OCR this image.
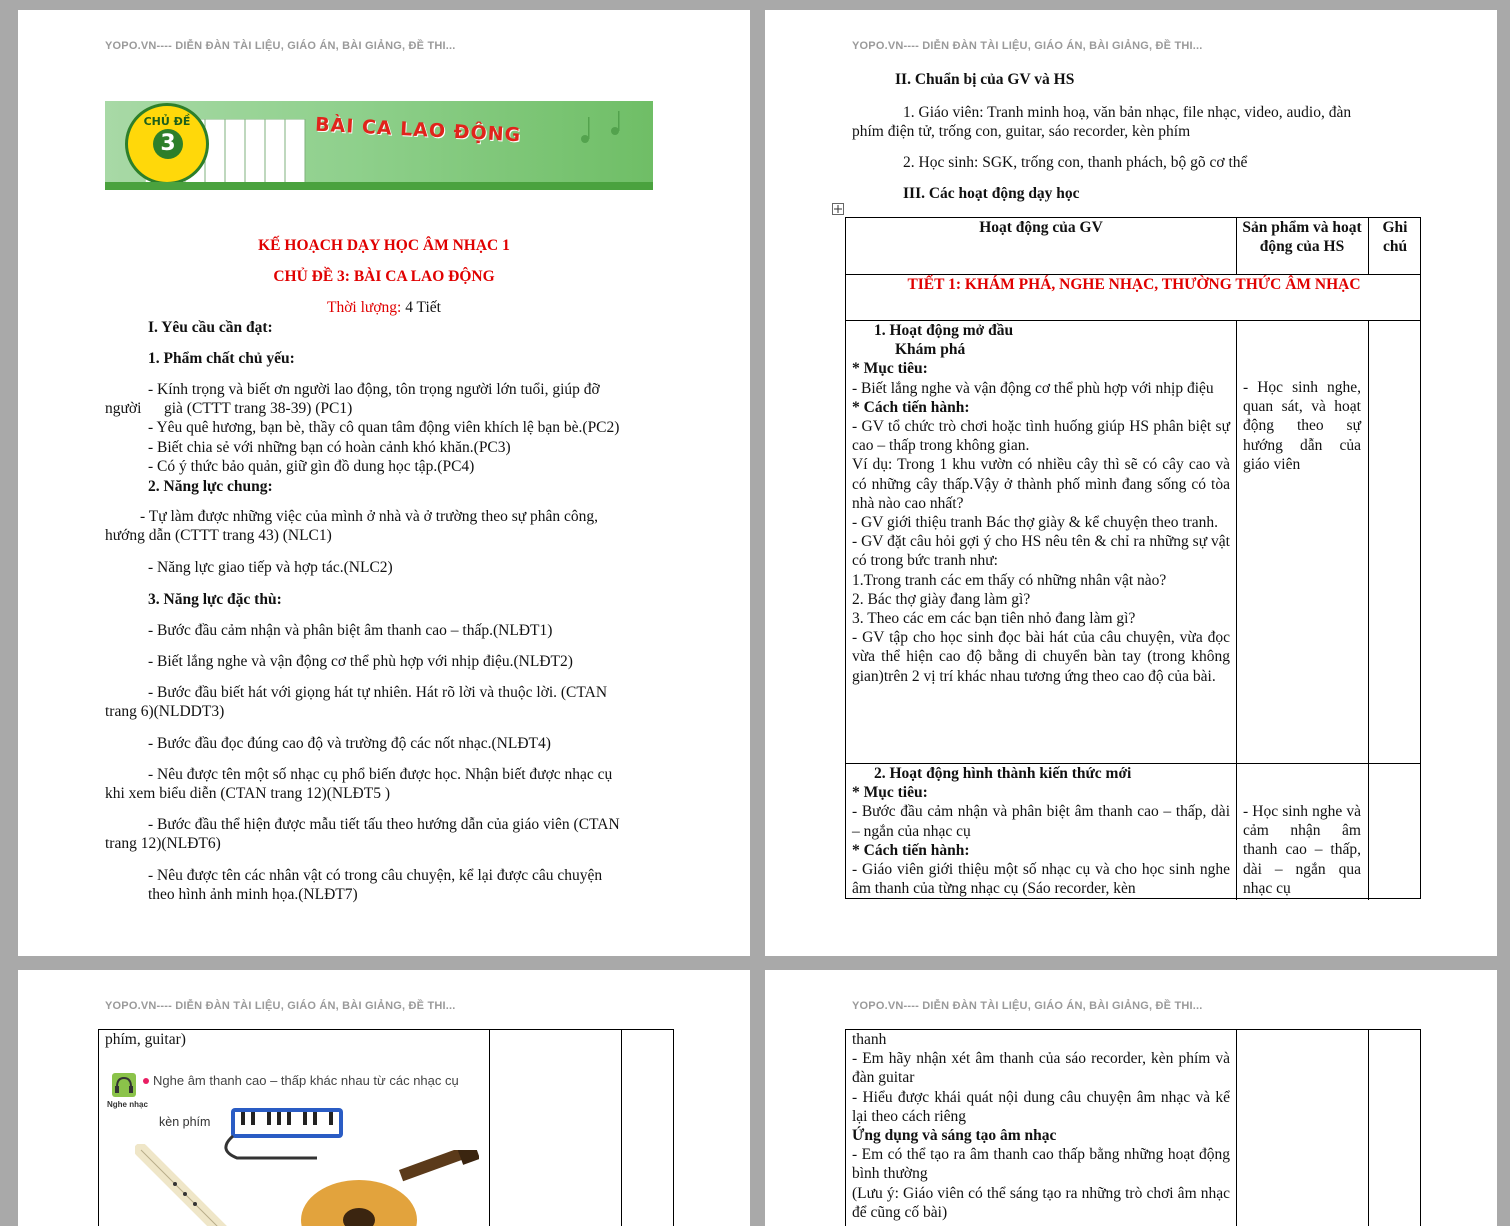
YOPO.VN---- DIỄN ĐÀN TÀI LIỆU, GIÁO ÁN, BÀI GIẢNG, ĐỀ THI...
CHỦ ĐỀ
3	BÀI CA LAO ĐỘNG
KẾ HOẠCH DẠY HỌC ÂM NHẠC 1
CHỦ ĐỀ 3: BÀI CA LAO ĐỘNG
Thời lượng: 4 Tiết
I. Yêu cầu cần đạt:
1. Phẩm chất chủ yếu:
- Kính trọng và biết ơn người lao động, tôn trọng người lớn tuổi, giúp đỡ
người già (CTTT trang 38-39) (PC1)
- Yêu quê hương, bạn bè, thầy cô quan tâm động viên khích lệ bạn bè.(PC2)
- Biết chia sẻ với những bạn có hoàn cảnh khó khăn.(PC3)
- Có ý thức bảo quản, giữ gìn đồ dung học tập.(PC4)
2. Năng lực chung:
- Tự làm được những việc của mình ở nhà và ở trường theo sự phân công,
hướng dẫn (CTTT trang 43) (NLC1)
- Năng lực giao tiếp và hợp tác.(NLC2)
3. Năng lực đặc thù:
- Bước đầu cảm nhận và phân biệt âm thanh cao – thấp.(NLĐT1)
- Biết lắng nghe và vận động cơ thể phù hợp với nhịp điệu.(NLĐT2)
- Bước đầu biết hát với giọng hát tự nhiên. Hát rõ lời và thuộc lời. (CTAN
trang 6)(NLDDT3)
- Bước đầu đọc đúng cao độ và trường độ các nốt nhạc.(NLĐT4)
- Nêu được tên một số nhạc cụ phổ biến được học. Nhận biết được nhạc cụ
khi xem biểu diễn (CTAN trang 12)(NLĐT5 )
- Bước đầu thể hiện được mẫu tiết tấu theo hướng dẫn của giáo viên (CTAN
trang 12)(NLĐT6)
- Nêu được tên các nhân vật có trong câu chuyện, kể lại được câu chuyện
theo hình ảnh minh họa.(NLĐT7)
YOPO.VN---- DIỄN ĐÀN TÀI LIỆU, GIÁO ÁN, BÀI GIẢNG, ĐỀ THI...
II. Chuẩn bị của GV và HS
1. Giáo viên: Tranh minh hoạ, văn bản nhạc, file nhạc, video, audio, đàn
phím điện tử, trống con, guitar, sáo recorder, kèn phím
2. Học sinh: SGK, trống con, thanh phách, bộ gõ cơ thể
III. Các hoạt động dạy học
Hoạt động của GV	Sản phẩm và hoạt động của HS
Ghi chú
TIẾT 1: KHÁM PHÁ, NGHE NHẠC, THƯỜNG THỨC ÂM NHẠC

1. Hoạt động mở đầu

Khám phá

* Mục tiêu:

- Biết lắng nghe và vận động cơ thể phù hợp với nhịp điệu

* Cách tiến hành:

- GV tổ chức trò chơi hoặc tình huống giúp HS phân biệt sự cao – thấp trong không gian.

Ví dụ: Trong 1 khu vườn có nhiều cây thì sẽ có cây cao và có những cây thấp.Vậy ở thành phố mình đang sống có tòa nhà nào cao nhất?

- GV giới thiệu tranh Bác thợ giày & kể chuyện theo tranh.

- GV đặt câu hỏi gợi ý cho HS nêu tên & chỉ ra những sự vật có trong bức tranh như:

1.Trong tranh các em thấy có những nhân vật nào?

2. Bác thợ giày đang làm gì?

3. Theo các em các bạn tiên nhỏ đang làm gì?

- GV tập cho học sinh đọc bài hát của câu chuyện, vừa đọc vừa thể hiện cao độ bằng di chuyển bàn tay (trong không gian)trên 2 vị trí khác nhau tương ứng theo cao độ của bài.

- Học sinh nghe, quan sát, và hoạt động theo sự hướng dẫn của giáo viên

2. Hoạt động hình thành kiến thức mới

* Mục tiêu:

- Bước đầu cảm nhận và phân biệt âm thanh cao – thấp, dài – ngắn của nhạc cụ

* Cách tiến hành:

- Giáo viên giới thiệu một số nhạc cụ và cho học sinh nghe âm thanh của từng nhạc cụ (Sáo recorder, kèn

- Học sinh nghe và cảm nhận âm thanh cao – thấp, dài – ngắn qua nhạc cụ
YOPO.VN---- DIỄN ĐÀN TÀI LIỆU, GIÁO ÁN, BÀI GIẢNG, ĐỀ THI...
phím, guitar)
Nghe nhạc
Nghe âm thanh cao – thấp khác nhau từ các nhạc cụ
kèn phím
YOPO.VN---- DIỄN ĐÀN TÀI LIỆU, GIÁO ÁN, BÀI GIẢNG, ĐỀ THI...

thanh

- Em hãy nhận xét âm thanh của sáo recorder, kèn phím và đàn guitar

- Hiểu được khái quát nội dung câu chuyện âm nhạc và kể lại theo cách riêng

Ứng dụng và sáng tạo âm nhạc

- Em có thể tạo ra âm thanh cao thấp bằng những hoạt động bình thường

(Lưu ý: Giáo viên có thể sáng tạo ra những trò chơi âm nhạc để cũng cố bài)
